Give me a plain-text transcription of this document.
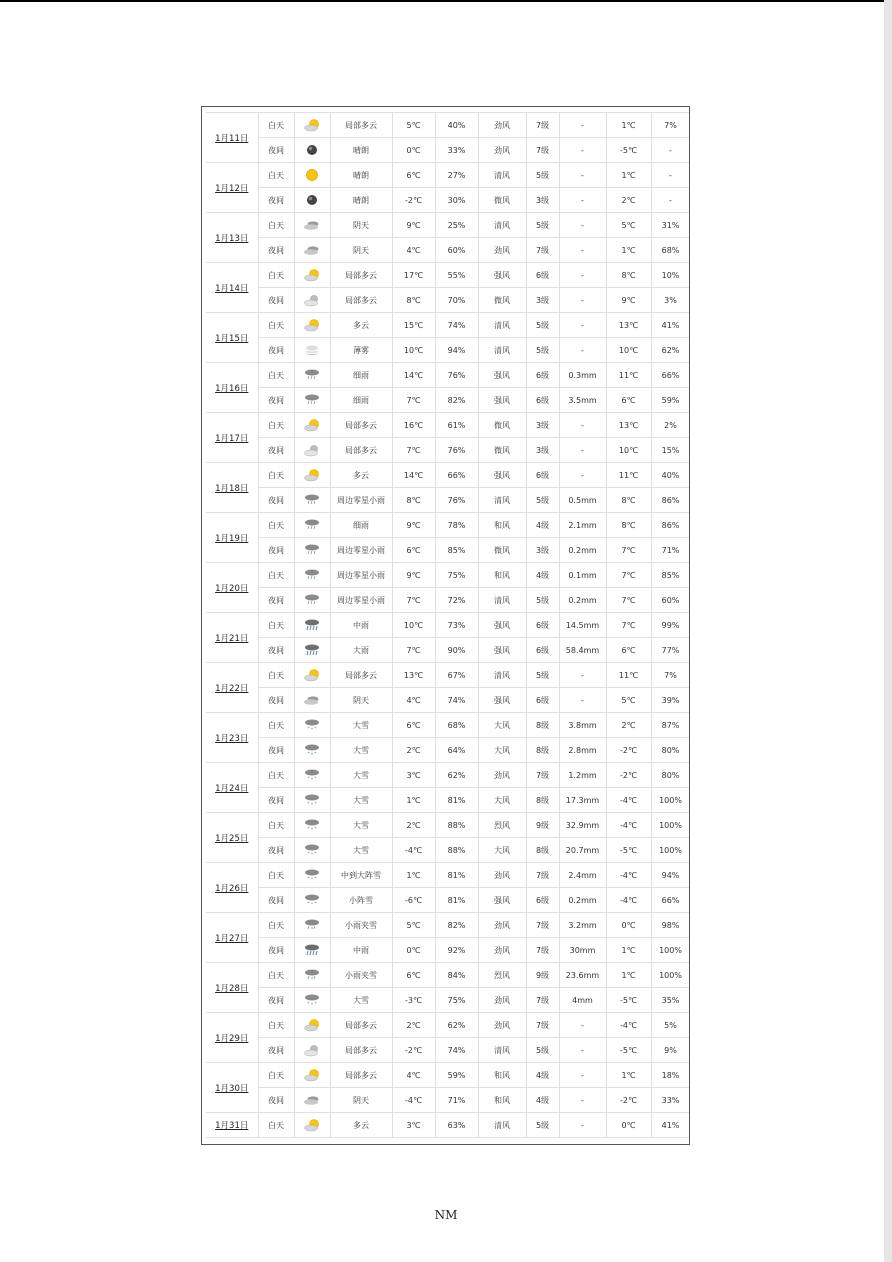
1月11日	白天		局部多云	5℃	40%	劲风	7级	-	1℃	7%
	夜间		晴朗	0℃	33%	劲风	7级	-	-5℃	-
1月12日	白天		晴朗	6℃	27%	清风	5级	-	1℃	-
	夜间		晴朗	-2℃	30%	微风	3级	-	2℃	-
1月13日	白天		阴天	9℃	25%	清风	5级	-	5℃	31%
	夜间		阴天	4℃	60%	劲风	7级	-	1℃	68%
1月14日	白天		局部多云	17℃	55%	强风	6级	-	8℃	10%
	夜间		局部多云	8℃	70%	微风	3级	-	9℃	3%
1月15日	白天		多云	15℃	74%	清风	5级	-	13℃	41%
	夜间		薄雾	10℃	94%	清风	5级	-	10℃	62%
1月16日	白天		细雨	14℃	76%	强风	6级	0.3mm	11℃	66%
	夜间		细雨	7℃	82%	强风	6级	3.5mm	6℃	59%
1月17日	白天		局部多云	16℃	61%	微风	3级	-	13℃	2%
	夜间		局部多云	7℃	76%	微风	3级	-	10℃	15%
1月18日	白天		多云	14℃	66%	强风	6级	-	11℃	40%
	夜间		周边零星小雨	8℃	76%	清风	5级	0.5mm	8℃	86%
1月19日	白天		细雨	9℃	78%	和风	4级	2.1mm	8℃	86%
	夜间		周边零星小雨	6℃	85%	微风	3级	0.2mm	7℃	71%
1月20日	白天		周边零星小雨	9℃	75%	和风	4级	0.1mm	7℃	85%
	夜间		周边零星小雨	7℃	72%	清风	5级	0.2mm	7℃	60%
1月21日	白天		中雨	10℃	73%	强风	6级	14.5mm	7℃	99%
	夜间		大雨	7℃	90%	强风	6级	58.4mm	6℃	77%
1月22日	白天		局部多云	13℃	67%	清风	5级	-	11℃	7%
	夜间		阴天	4℃	74%	强风	6级	-	5℃	39%
1月23日	白天		大雪	6℃	68%	大风	8级	3.8mm	2℃	87%
	夜间		大雪	2℃	64%	大风	8级	2.8mm	-2℃	80%
1月24日	白天		大雪	3℃	62%	劲风	7级	1.2mm	-2℃	80%
	夜间		大雪	1℃	81%	大风	8级	17.3mm	-4℃	100%
1月25日	白天		大雪	2℃	88%	烈风	9级	32.9mm	-4℃	100%
	夜间		大雪	-4℃	88%	大风	8级	20.7mm	-5℃	100%
1月26日	白天		中到大阵雪	1℃	81%	劲风	7级	2.4mm	-4℃	94%
	夜间		小阵雪	-6℃	81%	强风	6级	0.2mm	-4℃	66%
1月27日	白天		小雨夹雪	5℃	82%	劲风	7级	3.2mm	0℃	98%
	夜间		中雨	0℃	92%	劲风	7级	30mm	1℃	100%
1月28日	白天		小雨夹雪	6℃	84%	烈风	9级	23.6mm	1℃	100%
	夜间		大雪	-3℃	75%	劲风	7级	4mm	-5℃	35%
1月29日	白天		局部多云	2℃	62%	劲风	7级	-	-4℃	5%
	夜间		局部多云	-2℃	74%	清风	5级	-	-5℃	9%
1月30日	白天		局部多云	4℃	59%	和风	4级	-	1℃	18%
	夜间		阴天	-4℃	71%	和风	4级	-	-2℃	33%
1月31日	白天		多云	3℃	63%	清风	5级	-	0℃	41%
NM
